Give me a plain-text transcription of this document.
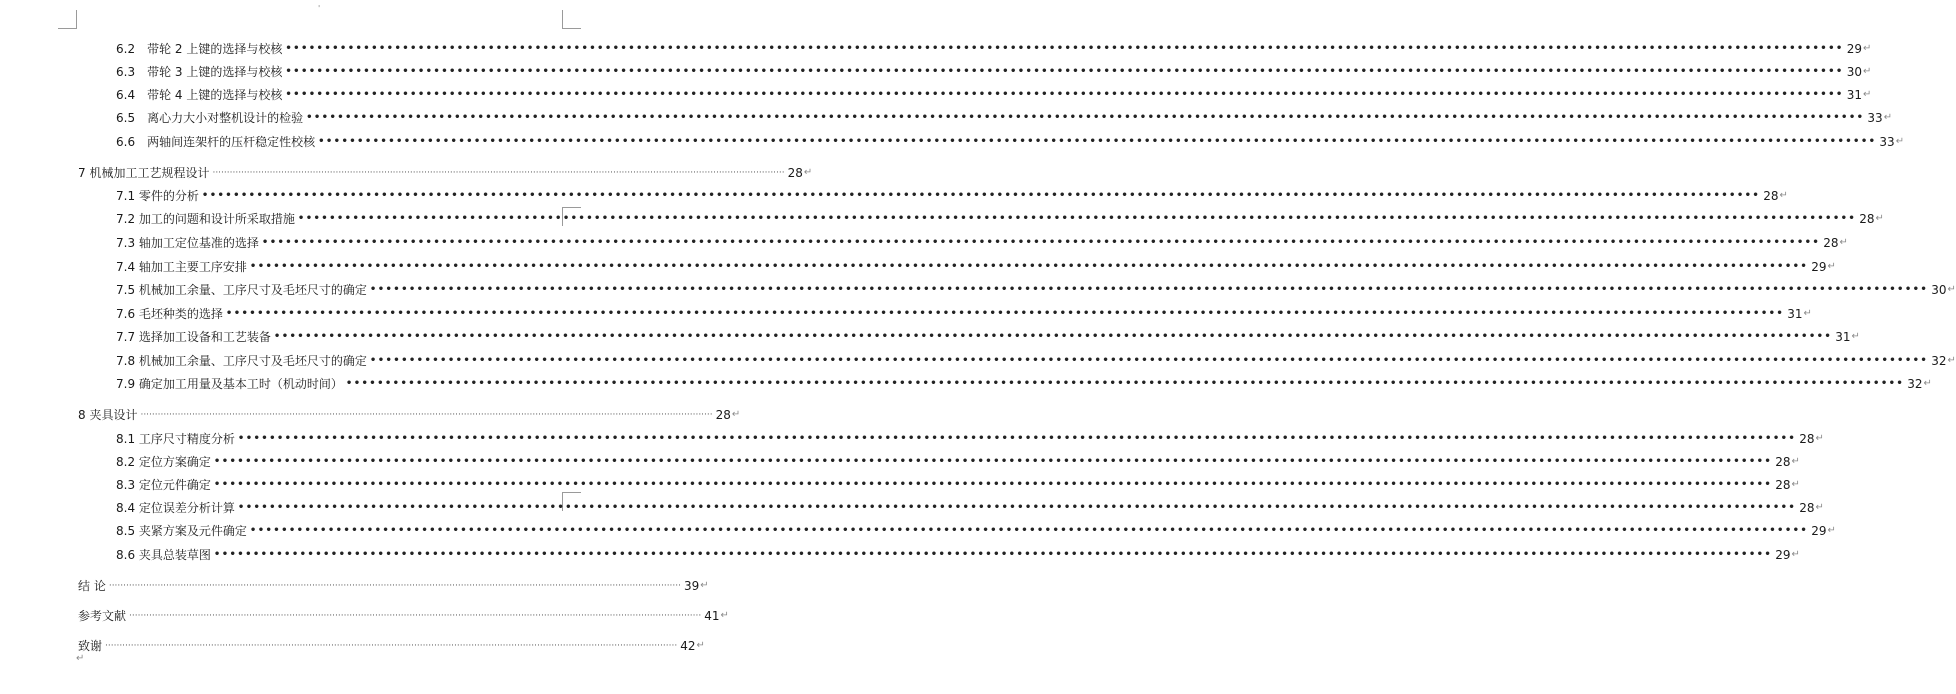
'
6.2　带轮 2 上键的选择与校核 •••••••••••••••••••••••••••••••••••••••••••••••••••••••••••••••••••••••••••••••••••••••••••••••••••••••••••••••••••••••••••••••••••••••••••••••••••••••••••••••••••••••••••••••••••••••••••••••••••••••• 29 ↵
6.3　带轮 3 上键的选择与校核 •••••••••••••••••••••••••••••••••••••••••••••••••••••••••••••••••••••••••••••••••••••••••••••••••••••••••••••••••••••••••••••••••••••••••••••••••••••••••••••••••••••••••••••••••••••••••••••••••••••••• 30 ↵
6.4　带轮 4 上键的选择与校核 •••••••••••••••••••••••••••••••••••••••••••••••••••••••••••••••••••••••••••••••••••••••••••••••••••••••••••••••••••••••••••••••••••••••••••••••••••••••••••••••••••••••••••••••••••••••••••••••••••••••• 31 ↵
6.5　离心力大小对整机设计的检验 •••••••••••••••••••••••••••••••••••••••••••••••••••••••••••••••••••••••••••••••••••••••••••••••••••••••••••••••••••••••••••••••••••••••••••••••••••••••••••••••••••••••••••••••••••••••••••••••••••••••• 33 ↵
6.6　两轴间连架杆的压杆稳定性校核 •••••••••••••••••••••••••••••••••••••••••••••••••••••••••••••••••••••••••••••••••••••••••••••••••••••••••••••••••••••••••••••••••••••••••••••••••••••••••••••••••••••••••••••••••••••••••••••••••••••••• 33 ↵
7 机械加工工艺规程设计 ········································································································································································································ 28 ↵
7.1 零件的分析 •••••••••••••••••••••••••••••••••••••••••••••••••••••••••••••••••••••••••••••••••••••••••••••••••••••••••••••••••••••••••••••••••••••••••••••••••••••••••••••••••••••••••••••••••••••••••••••••••••••••• 28 ↵
7.2 加工的问题和设计所采取措施 •••••••••••••••••••••••••••••••••••••••••••••••••••••••••••••••••••••••••••••••••••••••••••••••••••••••••••••••••••••••••••••••••••••••••••••••••••••••••••••••••••••••••••••••••••••••••••••••••••••••• 28 ↵
7.3 轴加工定位基准的选择 •••••••••••••••••••••••••••••••••••••••••••••••••••••••••••••••••••••••••••••••••••••••••••••••••••••••••••••••••••••••••••••••••••••••••••••••••••••••••••••••••••••••••••••••••••••••••••••••••••••••• 28 ↵
7.4 轴加工主要工序安排 •••••••••••••••••••••••••••••••••••••••••••••••••••••••••••••••••••••••••••••••••••••••••••••••••••••••••••••••••••••••••••••••••••••••••••••••••••••••••••••••••••••••••••••••••••••••••••••••••••••••• 29 ↵
7.5 机械加工余量、工序尺寸及毛坯尺寸的确定 •••••••••••••••••••••••••••••••••••••••••••••••••••••••••••••••••••••••••••••••••••••••••••••••••••••••••••••••••••••••••••••••••••••••••••••••••••••••••••••••••••••••••••••••••••••••••••••••••••••••• 30 ↵
7.6 毛坯种类的选择 •••••••••••••••••••••••••••••••••••••••••••••••••••••••••••••••••••••••••••••••••••••••••••••••••••••••••••••••••••••••••••••••••••••••••••••••••••••••••••••••••••••••••••••••••••••••••••••••••••••••• 31 ↵
7.7 选择加工设备和工艺装备 •••••••••••••••••••••••••••••••••••••••••••••••••••••••••••••••••••••••••••••••••••••••••••••••••••••••••••••••••••••••••••••••••••••••••••••••••••••••••••••••••••••••••••••••••••••••••••••••••••••••• 31 ↵
7.8 机械加工余量、工序尺寸及毛坯尺寸的确定 •••••••••••••••••••••••••••••••••••••••••••••••••••••••••••••••••••••••••••••••••••••••••••••••••••••••••••••••••••••••••••••••••••••••••••••••••••••••••••••••••••••••••••••••••••••••••••••••••••••••• 32 ↵
7.9 确定加工用量及基本工时（机动时间） •••••••••••••••••••••••••••••••••••••••••••••••••••••••••••••••••••••••••••••••••••••••••••••••••••••••••••••••••••••••••••••••••••••••••••••••••••••••••••••••••••••••••••••••••••••••••••••••••••••••• 32 ↵
8 夹具设计 ········································································································································································································ 28 ↵
8.1 工序尺寸精度分析 •••••••••••••••••••••••••••••••••••••••••••••••••••••••••••••••••••••••••••••••••••••••••••••••••••••••••••••••••••••••••••••••••••••••••••••••••••••••••••••••••••••••••••••••••••••••••••••••••••••••• 28 ↵
8.2 定位方案确定 •••••••••••••••••••••••••••••••••••••••••••••••••••••••••••••••••••••••••••••••••••••••••••••••••••••••••••••••••••••••••••••••••••••••••••••••••••••••••••••••••••••••••••••••••••••••••••••••••••••••• 28 ↵
8.3 定位元件确定 •••••••••••••••••••••••••••••••••••••••••••••••••••••••••••••••••••••••••••••••••••••••••••••••••••••••••••••••••••••••••••••••••••••••••••••••••••••••••••••••••••••••••••••••••••••••••••••••••••••••• 28 ↵
8.4 定位误差分析计算 •••••••••••••••••••••••••••••••••••••••••••••••••••••••••••••••••••••••••••••••••••••••••••••••••••••••••••••••••••••••••••••••••••••••••••••••••••••••••••••••••••••••••••••••••••••••••••••••••••••••• 28 ↵
8.5 夹紧方案及元件确定 •••••••••••••••••••••••••••••••••••••••••••••••••••••••••••••••••••••••••••••••••••••••••••••••••••••••••••••••••••••••••••••••••••••••••••••••••••••••••••••••••••••••••••••••••••••••••••••••••••••••• 29 ↵
8.6 夹具总装草图 •••••••••••••••••••••••••••••••••••••••••••••••••••••••••••••••••••••••••••••••••••••••••••••••••••••••••••••••••••••••••••••••••••••••••••••••••••••••••••••••••••••••••••••••••••••••••••••••••••••••• 29 ↵
结 论 ········································································································································································································ 39 ↵
参考文献 ········································································································································································································ 41 ↵
致谢 ········································································································································································································ 42 ↵
↵
